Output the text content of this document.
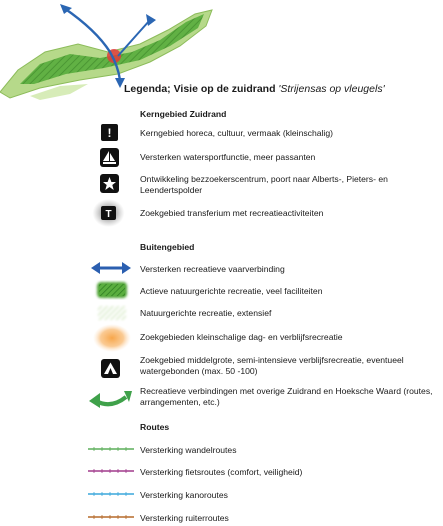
Legenda; Visie op de zuidrand 'Strijensas op vleugels'
Kerngebied Zuidrand
!	Kerngebied horeca, cultuur, vermaak (kleinschalig)
Versterken watersportfunctie, meer passanten
Ontwikkeling bezzoekerscentrum, poort naar Alberts-, Pieters- en Leendertspolder
T	Zoekgebied transferium met recreatieactiviteiten
Buitengebied
Versterken recreatieve vaarverbinding
Actieve natuurgerichte recreatie, veel faciliteiten
Natuurgerichte recreatie, extensief
Zoekgebieden kleinschalige dag- en verblijfsrecreatie
Zoekgebied middelgrote, semi-intensieve verblijfsrecreatie, eventueel watergebonden (max. 50 -100)
Recreatieve verbindingen met overige Zuidrand en Hoeksche Waard (routes, arrangementen, etc.)
Routes
Versterking wandelroutes
Versterking fietsroutes (comfort, veiligheid)
Versterking kanoroutes
Versterking ruiterroutes
